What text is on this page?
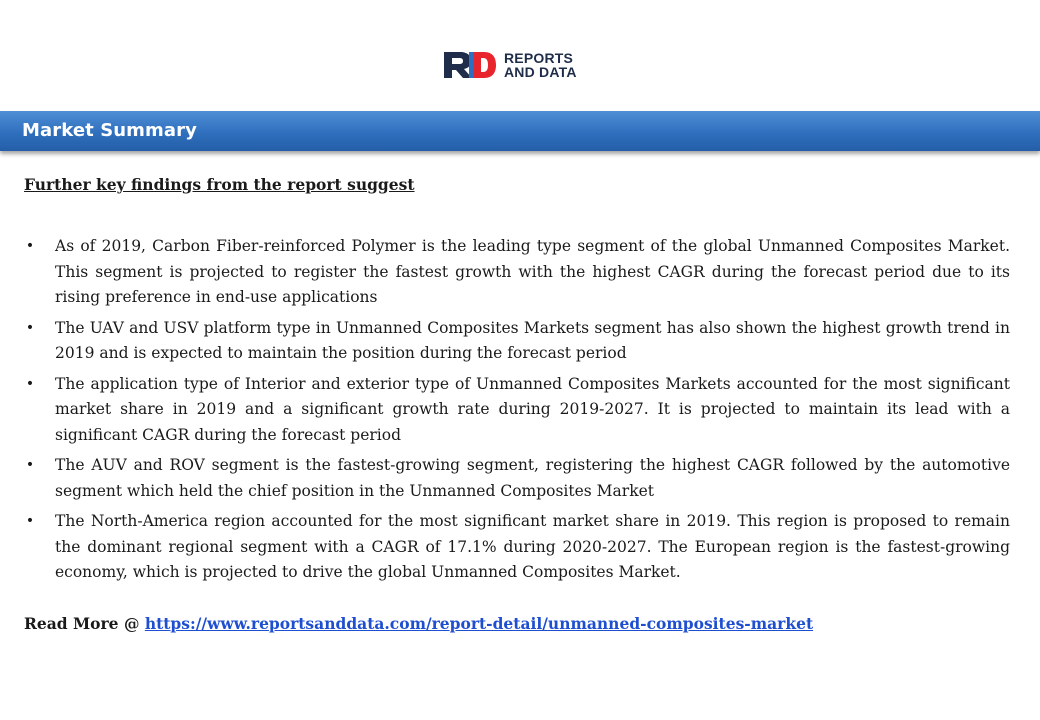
REPORTS
AND DATA
Market Summary

Further key findings from the report suggest

• As of 2019, Carbon Fiber-reinforced Polymer is the leading type segment of the global Unmanned Composites Market. This segment is projected to register the fastest growth with the highest CAGR during the forecast period due to its rising preference in end-use applications
• The UAV and USV platform type in Unmanned Composites Markets segment has also shown the highest growth trend in 2019 and is expected to maintain the position during the forecast period
• The application type of Interior and exterior type of Unmanned Composites Markets accounted for the most significant market share in 2019 and a significant growth rate during 2019-2027. It is projected to maintain its lead with a significant CAGR during the forecast period
• The AUV and ROV segment is the fastest-growing segment, registering the highest CAGR followed by the automotive segment which held the chief position in the Unmanned Composites Market
• The North-America region accounted for the most significant market share in 2019. This region is proposed to remain the dominant regional segment with a CAGR of 17.1% during 2020-2027. The European region is the fastest-growing economy, which is projected to drive the global Unmanned Composites Market.
Read More @ https://www.reportsanddata.com/report-detail/unmanned-composites-market
